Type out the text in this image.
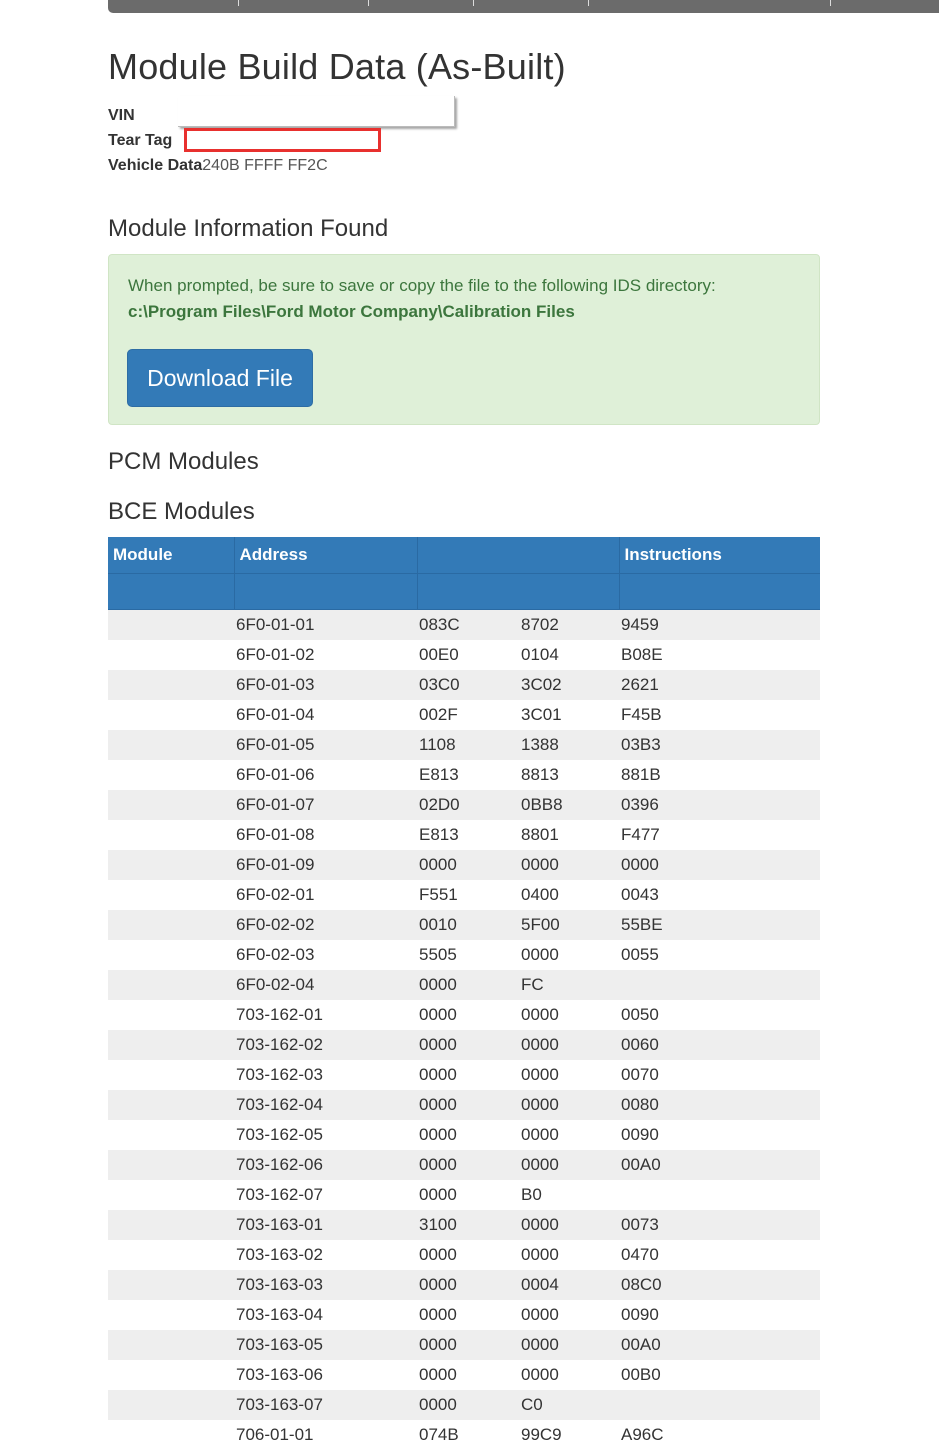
Module Build Data (As-Built)
VIN
Tear Tag
Vehicle Data240B FFFF FF2C
Module Information Found
When prompted, be sure to save or copy the file to the following IDS directory:
c:\Program Files\Ford Motor Company\Calibration Files
Download File
PCM Modules
BCE Modules
Module	Address			Instructions

	6F0-01-01	083C	8702	9459
	6F0-01-02	00E0	0104	B08E
	6F0-01-03	03C0	3C02	2621
	6F0-01-04	002F	3C01	F45B
	6F0-01-05	1108	1388	03B3
	6F0-01-06	E813	8813	881B
	6F0-01-07	02D0	0BB8	0396
	6F0-01-08	E813	8801	F477
	6F0-01-09	0000	0000	0000
	6F0-02-01	F551	0400	0043
	6F0-02-02	0010	5F00	55BE
	6F0-02-03	5505	0000	0055
	6F0-02-04	0000	FC	
	703-162-01	0000	0000	0050
	703-162-02	0000	0000	0060
	703-162-03	0000	0000	0070
	703-162-04	0000	0000	0080
	703-162-05	0000	0000	0090
	703-162-06	0000	0000	00A0
	703-162-07	0000	B0	
	703-163-01	3100	0000	0073
	703-163-02	0000	0000	0470
	703-163-03	0000	0004	08C0
	703-163-04	0000	0000	0090
	703-163-05	0000	0000	00A0
	703-163-06	0000	0000	00B0
	703-163-07	0000	C0	
	706-01-01	074B	99C9	A96C
